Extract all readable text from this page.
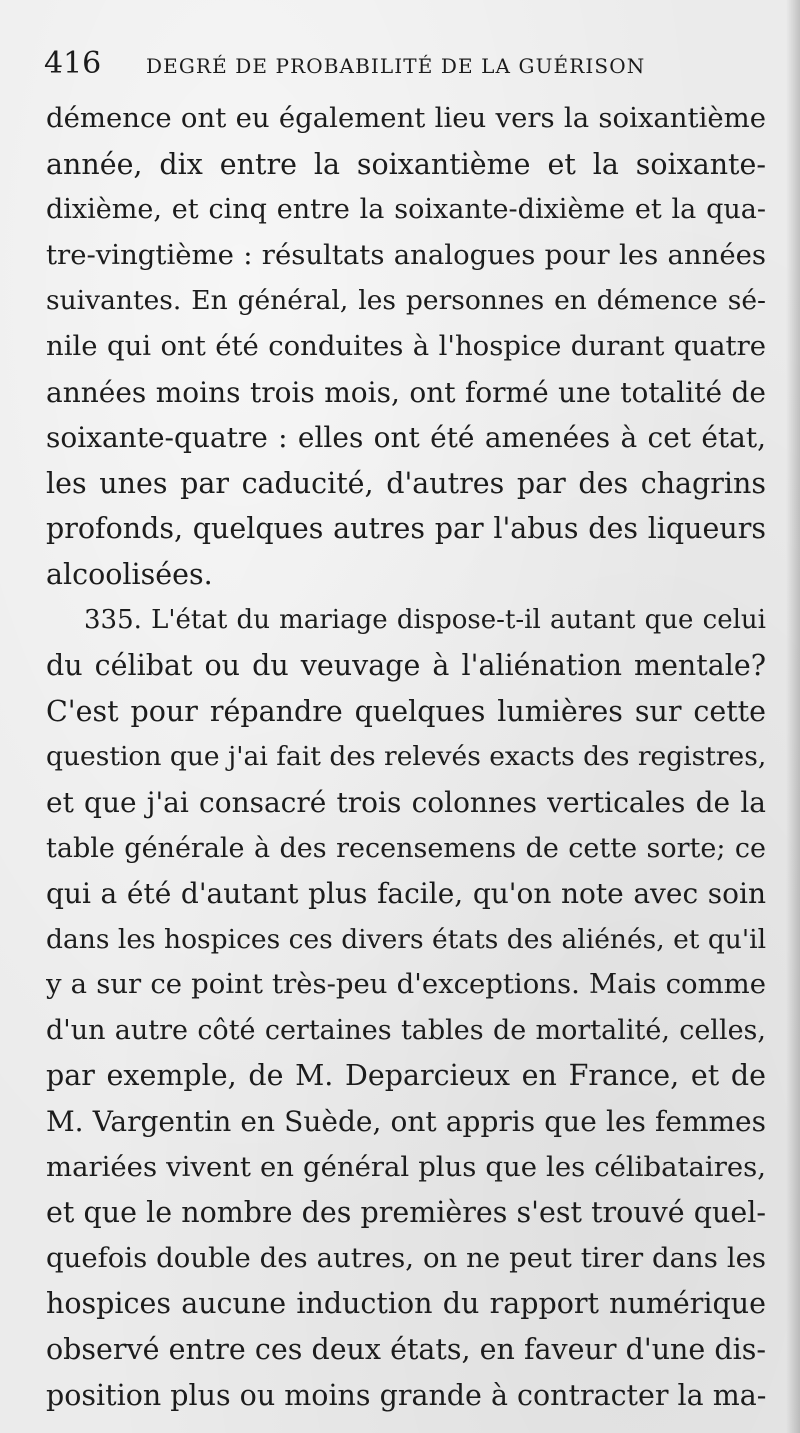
416 DEGRÉ DE PROBABILITÉ DE LA GUÉRISON
démence ont eu également lieu vers la soixantième
année, dix entre la soixantième et la soixante-
dixième, et cinq entre la soixante-dixième et la qua-
tre-vingtième : résultats analogues pour les années
suivantes. En général, les personnes en démence sé-
nile qui ont été conduites à l'hospice durant quatre
années moins trois mois, ont formé une totalité de
soixante-quatre : elles ont été amenées à cet état,
les unes par caducité, d'autres par des chagrins
profonds, quelques autres par l'abus des liqueurs
alcoolisées.
335. L'état du mariage dispose-t-il autant que celui
du célibat ou du veuvage à l'aliénation mentale?
C'est pour répandre quelques lumières sur cette
question que j'ai fait des relevés exacts des registres,
et que j'ai consacré trois colonnes verticales de la
table générale à des recensemens de cette sorte; ce
qui a été d'autant plus facile, qu'on note avec soin
dans les hospices ces divers états des aliénés, et qu'il
y a sur ce point très-peu d'exceptions. Mais comme
d'un autre côté certaines tables de mortalité, celles,
par exemple, de M. Deparcieux en France, et de
M. Vargentin en Suède, ont appris que les femmes
mariées vivent en général plus que les célibataires,
et que le nombre des premières s'est trouvé quel-
quefois double des autres, on ne peut tirer dans les
hospices aucune induction du rapport numérique
observé entre ces deux états, en faveur d'une dis-
position plus ou moins grande à contracter la ma-
